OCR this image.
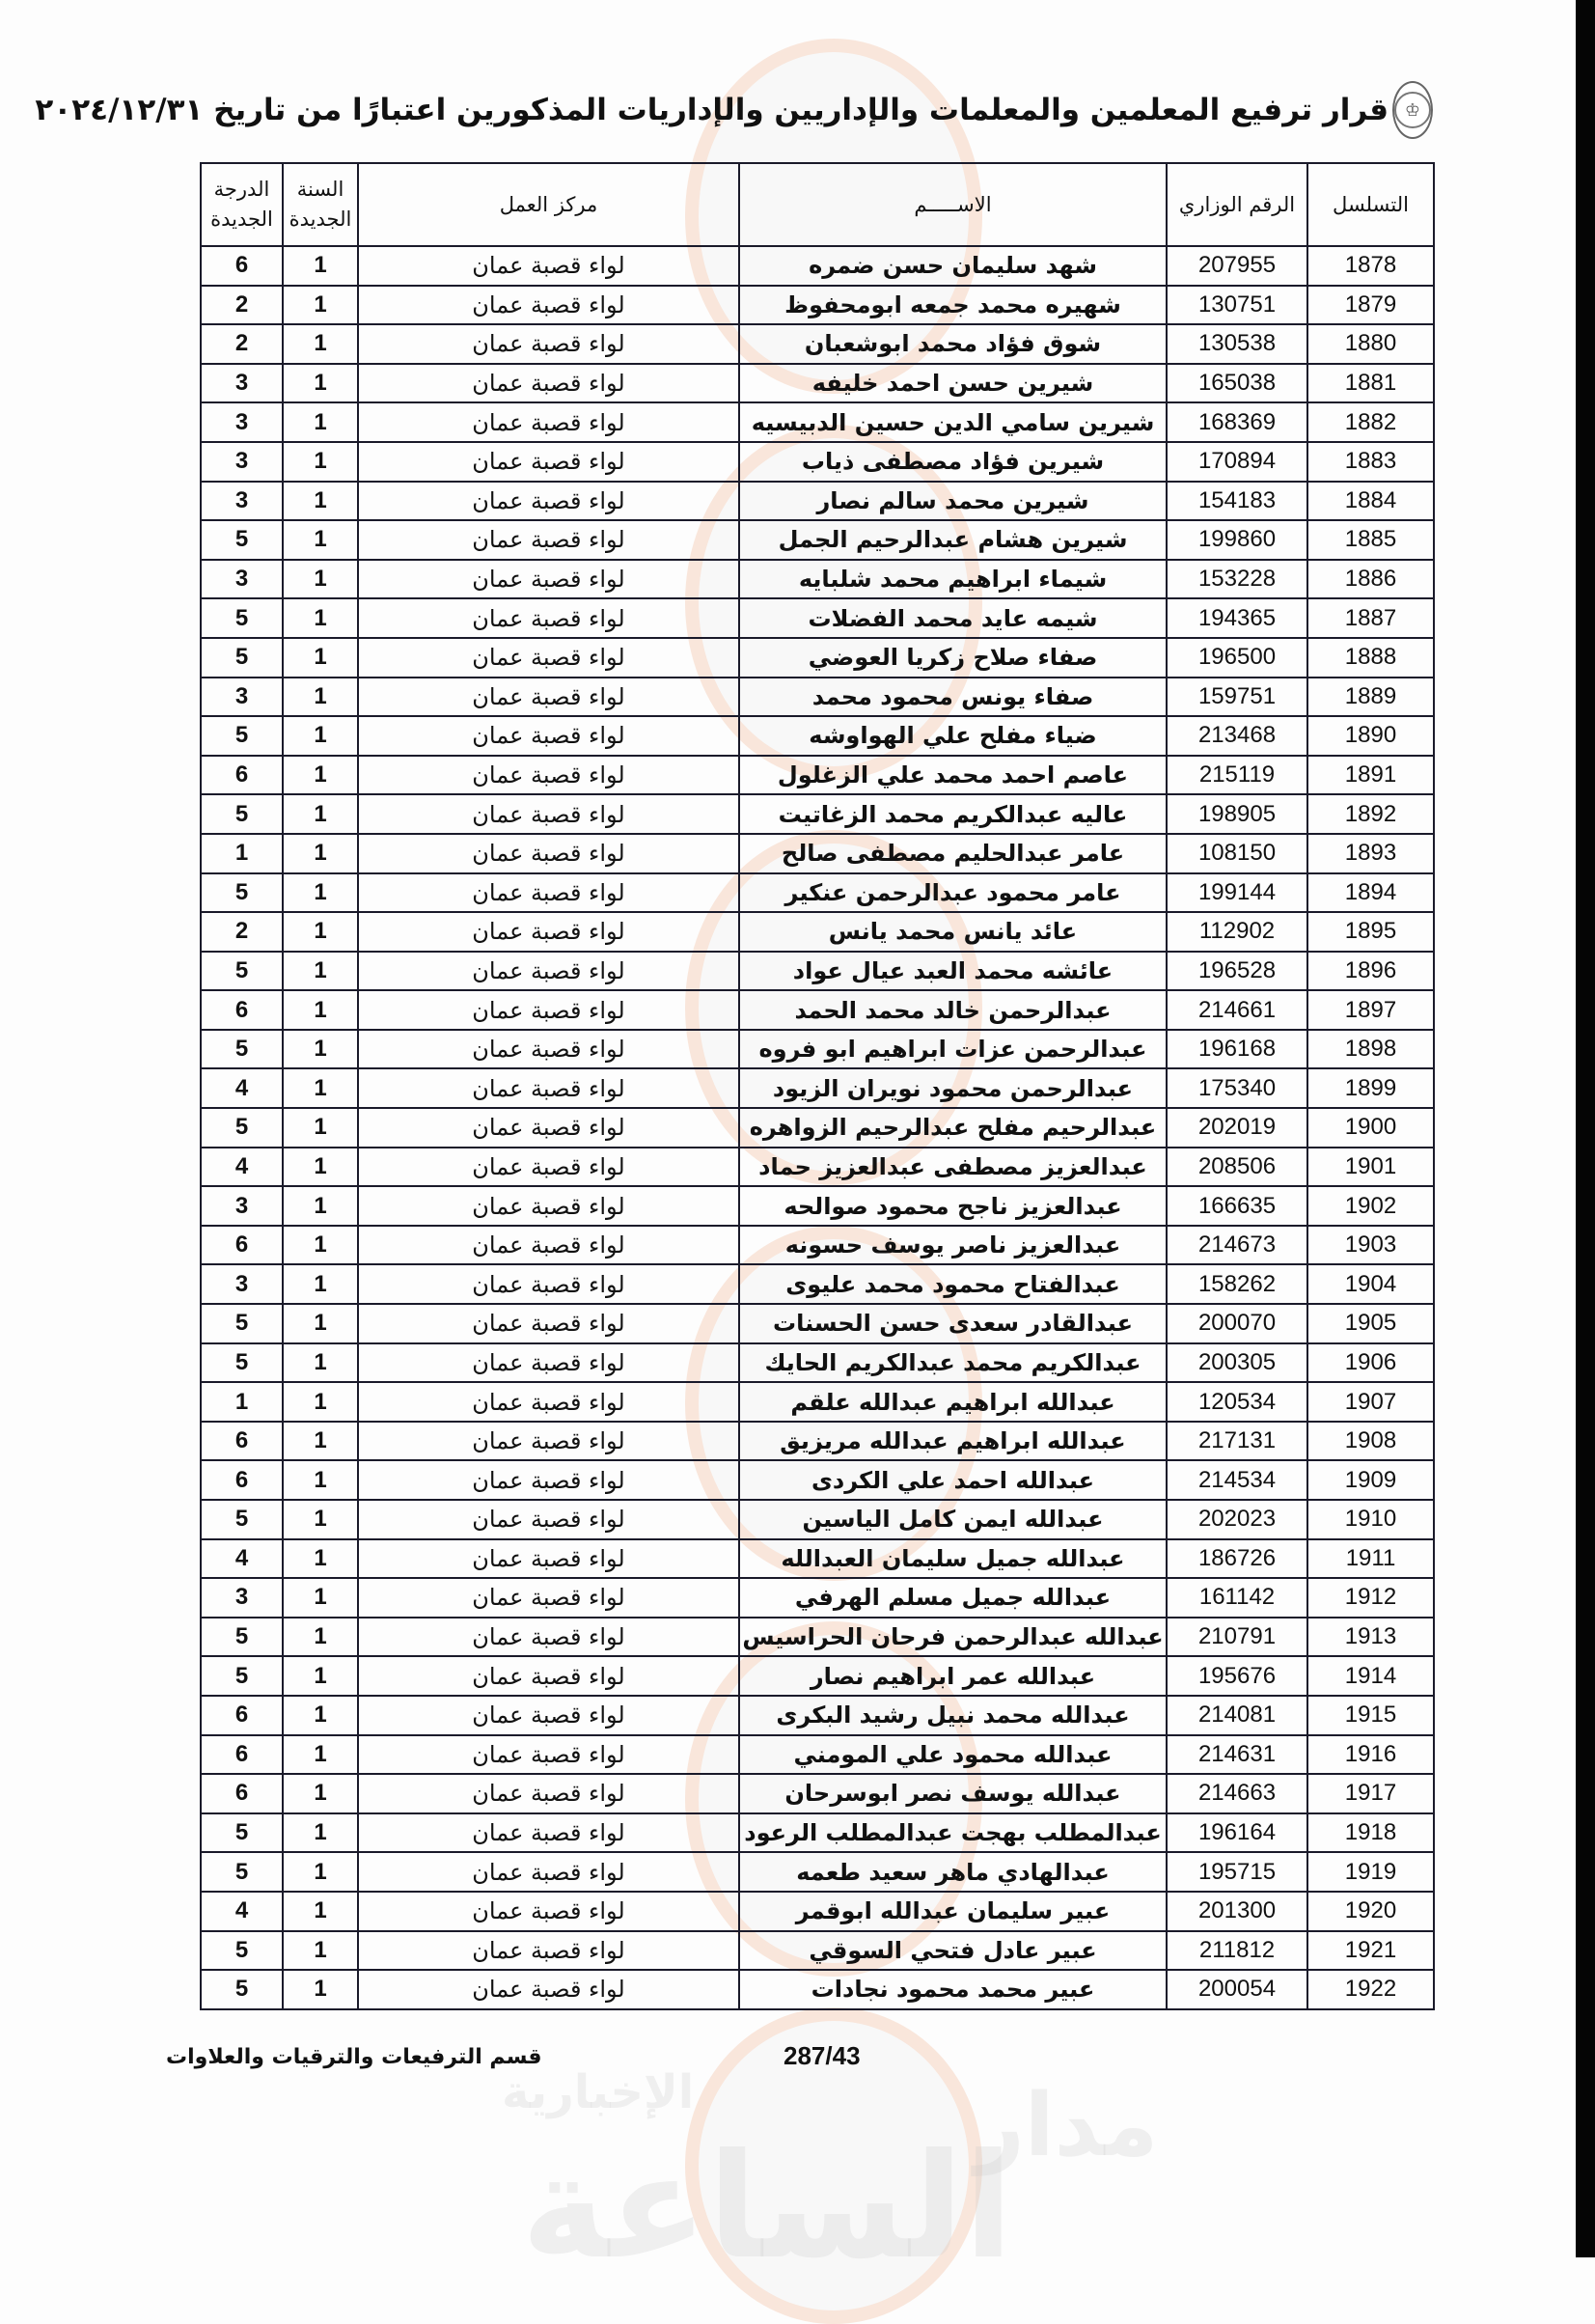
مدار
الإخبارية
الساعة
♔
قرار ترفيع المعلمين والمعلمات والإداريين والإداريات المذكورين اعتبارًا من تاريخ ٢٠٢٤/١٢/٣١
التسلسل	الرقم الوزاري	الاســـــم	مركز العمل	السنة الجديدة	الدرجة الجديدة
1878	207955	شهد سليمان حسن ضمره	لواء قصبة عمان	1	6
1879	130751	شهيره محمد جمعه ابومحفوظ	لواء قصبة عمان	1	2
1880	130538	شوق فؤاد محمد ابوشعبان	لواء قصبة عمان	1	2
1881	165038	شيرين حسن احمد خليفه	لواء قصبة عمان	1	3
1882	168369	شيرين سامي الدين حسين الدبيسيه	لواء قصبة عمان	1	3
1883	170894	شيرين فؤاد مصطفى ذياب	لواء قصبة عمان	1	3
1884	154183	شيرين محمد سالم نصار	لواء قصبة عمان	1	3
1885	199860	شيرين هشام عبدالرحيم الجمل	لواء قصبة عمان	1	5
1886	153228	شيماء ابراهيم محمد شلبايه	لواء قصبة عمان	1	3
1887	194365	شيمه عايد محمد الفضلات	لواء قصبة عمان	1	5
1888	196500	صفاء صلاح زكريا العوضي	لواء قصبة عمان	1	5
1889	159751	صفاء يونس محمود محمد	لواء قصبة عمان	1	3
1890	213468	ضياء مفلح علي الهواوشه	لواء قصبة عمان	1	5
1891	215119	عاصم احمد محمد علي الزغلول	لواء قصبة عمان	1	6
1892	198905	عاليه عبدالكريم محمد الزغاتيت	لواء قصبة عمان	1	5
1893	108150	عامر عبدالحليم مصطفى صالح	لواء قصبة عمان	1	1
1894	199144	عامر محمود عبدالرحمن عنكير	لواء قصبة عمان	1	5
1895	112902	عائد يانس محمد يانس	لواء قصبة عمان	1	2
1896	196528	عائشه محمد العبد عيال عواد	لواء قصبة عمان	1	5
1897	214661	عبدالرحمن خالد محمد الحمد	لواء قصبة عمان	1	6
1898	196168	عبدالرحمن عزات ابراهيم ابو فروه	لواء قصبة عمان	1	5
1899	175340	عبدالرحمن محمود نويران الزيود	لواء قصبة عمان	1	4
1900	202019	عبدالرحيم مفلح عبدالرحيم الزواهره	لواء قصبة عمان	1	5
1901	208506	عبدالعزيز مصطفى عبدالعزيز حماد	لواء قصبة عمان	1	4
1902	166635	عبدالعزيز ناجح محمود صوالحه	لواء قصبة عمان	1	3
1903	214673	عبدالعزيز ناصر يوسف حسونه	لواء قصبة عمان	1	6
1904	158262	عبدالفتاح محمود محمد عليوى	لواء قصبة عمان	1	3
1905	200070	عبدالقادر سعدى حسن الحسنات	لواء قصبة عمان	1	5
1906	200305	عبدالكريم محمد عبدالكريم الحايك	لواء قصبة عمان	1	5
1907	120534	عبدالله ابراهيم عبدالله علقم	لواء قصبة عمان	1	1
1908	217131	عبدالله ابراهيم عبدالله مريزيق	لواء قصبة عمان	1	6
1909	214534	عبدالله احمد علي الكردى	لواء قصبة عمان	1	6
1910	202023	عبدالله ايمن كامل الياسين	لواء قصبة عمان	1	5
1911	186726	عبدالله جميل سليمان العبدالله	لواء قصبة عمان	1	4
1912	161142	عبدالله جميل مسلم الهرفي	لواء قصبة عمان	1	3
1913	210791	عبدالله عبدالرحمن فرحان الحراسيس	لواء قصبة عمان	1	5
1914	195676	عبدالله عمر ابراهيم نصار	لواء قصبة عمان	1	5
1915	214081	عبدالله محمد نبيل رشيد البكرى	لواء قصبة عمان	1	6
1916	214631	عبدالله محمود علي المومني	لواء قصبة عمان	1	6
1917	214663	عبدالله يوسف نصر ابوسرحان	لواء قصبة عمان	1	6
1918	196164	عبدالمطلب بهجت عبدالمطلب الرعود	لواء قصبة عمان	1	5
1919	195715	عبدالهادي ماهر سعيد طعمه	لواء قصبة عمان	1	5
1920	201300	عبير سليمان عبدالله ابوقمر	لواء قصبة عمان	1	4
1921	211812	عبير عادل فتحي السوقي	لواء قصبة عمان	1	5
1922	200054	عبير محمد محمود نجادات	لواء قصبة عمان	1	5
287/43
قسم الترفيعات والترقيات والعلاوات
